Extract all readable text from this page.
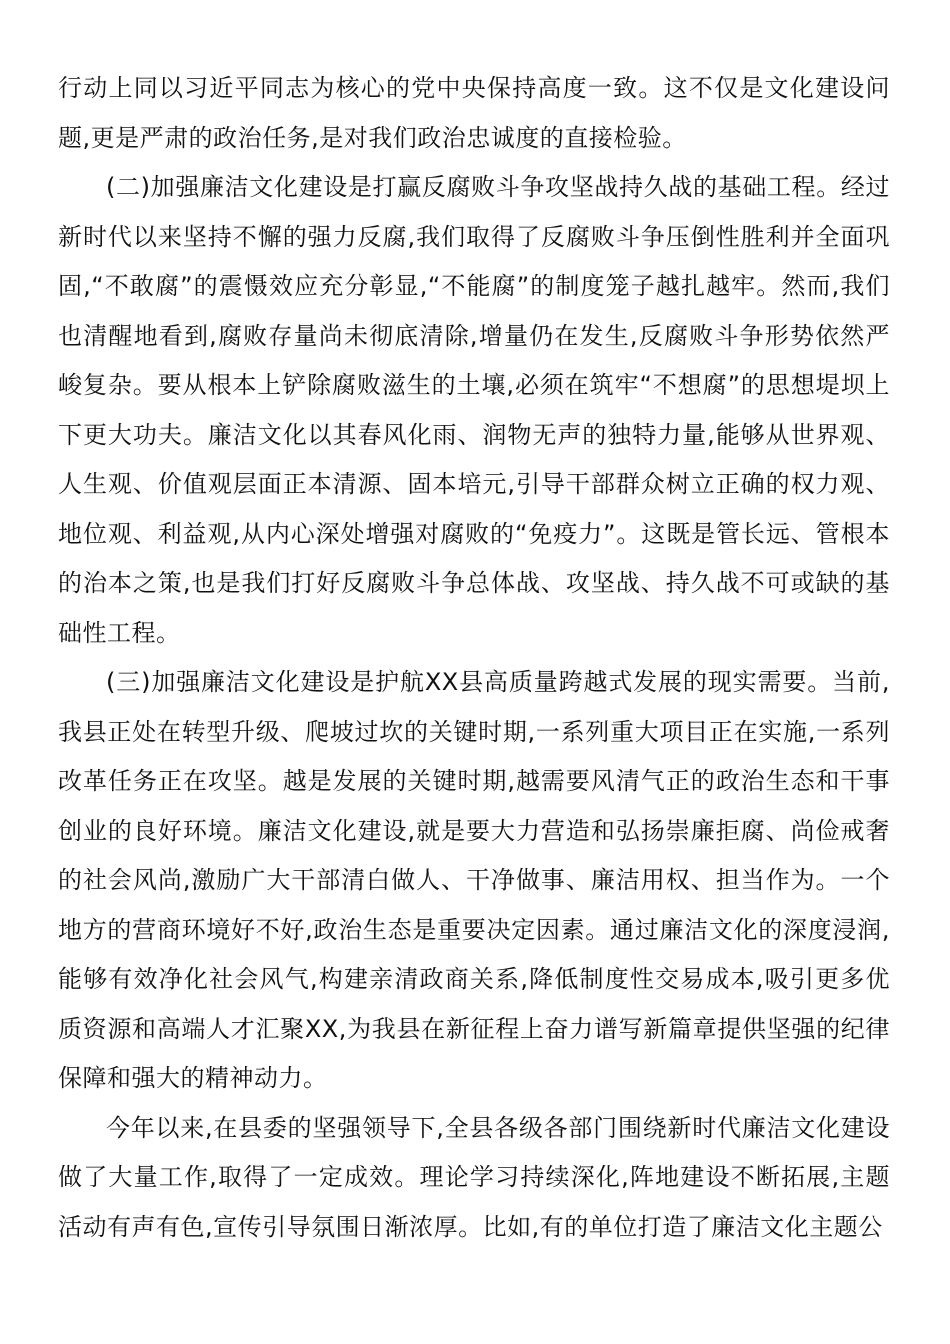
行动上同以习近平同志为核心的党中央保持高度一致。这不仅是文化建设问题,更是严肃的政治任务,是对我们政治忠诚度的直接检验。

(二)加强廉洁文化建设是打赢反腐败斗争攻坚战持久战的基础工程。经过新时代以来坚持不懈的强力反腐,我们取得了反腐败斗争压倒性胜利并全面巩固,“不敢腐”的震慑效应充分彰显,“不能腐”的制度笼子越扎越牢。然而,我们也清醒地看到,腐败存量尚未彻底清除,增量仍在发生,反腐败斗争形势依然严峻复杂。要从根本上铲除腐败滋生的土壤,必须在筑牢“不想腐”的思想堤坝上下更大功夫。廉洁文化以其春风化雨、润物无声的独特力量,能够从世界观、人生观、价值观层面正本清源、固本培元,引导干部群众树立正确的权力观、地位观、利益观,从内心深处增强对腐败的“免疫力”。这既是管长远、管根本的治本之策,也是我们打好反腐败斗争总体战、攻坚战、持久战不可或缺的基础性工程。

(三)加强廉洁文化建设是护航XX县高质量跨越式发展的现实需要。当前,我县正处在转型升级、爬坡过坎的关键时期,一系列重大项目正在实施,一系列改革任务正在攻坚。越是发展的关键时期,越需要风清气正的政治生态和干事创业的良好环境。廉洁文化建设,就是要大力营造和弘扬崇廉拒腐、尚俭戒奢的社会风尚,激励广大干部清白做人、干净做事、廉洁用权、担当作为。一个地方的营商环境好不好,政治生态是重要决定因素。通过廉洁文化的深度浸润,能够有效净化社会风气,构建亲清政商关系,降低制度性交易成本,吸引更多优质资源和高端人才汇聚XX,为我县在新征程上奋力谱写新篇章提供坚强的纪律保障和强大的精神动力。

今年以来,在县委的坚强领导下,全县各级各部门围绕新时代廉洁文化建设做了大量工作,取得了一定成效。理论学习持续深化,阵地建设不断拓展,主题活动有声有色,宣传引导氛围日渐浓厚。比如,有的单位打造了廉洁文化主题公
